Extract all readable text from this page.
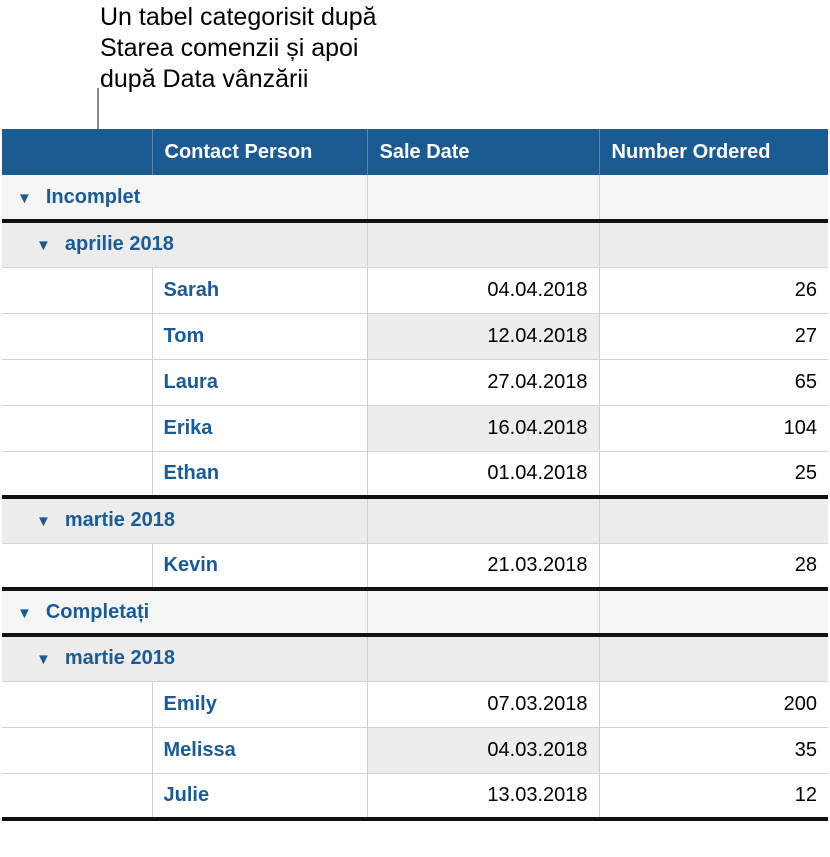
Un tabel categorisit după
Starea comenzii și apoi
după Data vânzării
	Contact Person	Sale Date	Number Ordered
▼ Incomplet			
▼ aprilie 2018			
	Sarah	04.04.2018	26
	Tom	12.04.2018	27
	Laura	27.04.2018	65
	Erika	16.04.2018	104
	Ethan	01.04.2018	25
▼ martie 2018			
	Kevin	21.03.2018	28
▼ Completați			
▼ martie 2018			
	Emily	07.03.2018	200
	Melissa	04.03.2018	35
	Julie	13.03.2018	12
